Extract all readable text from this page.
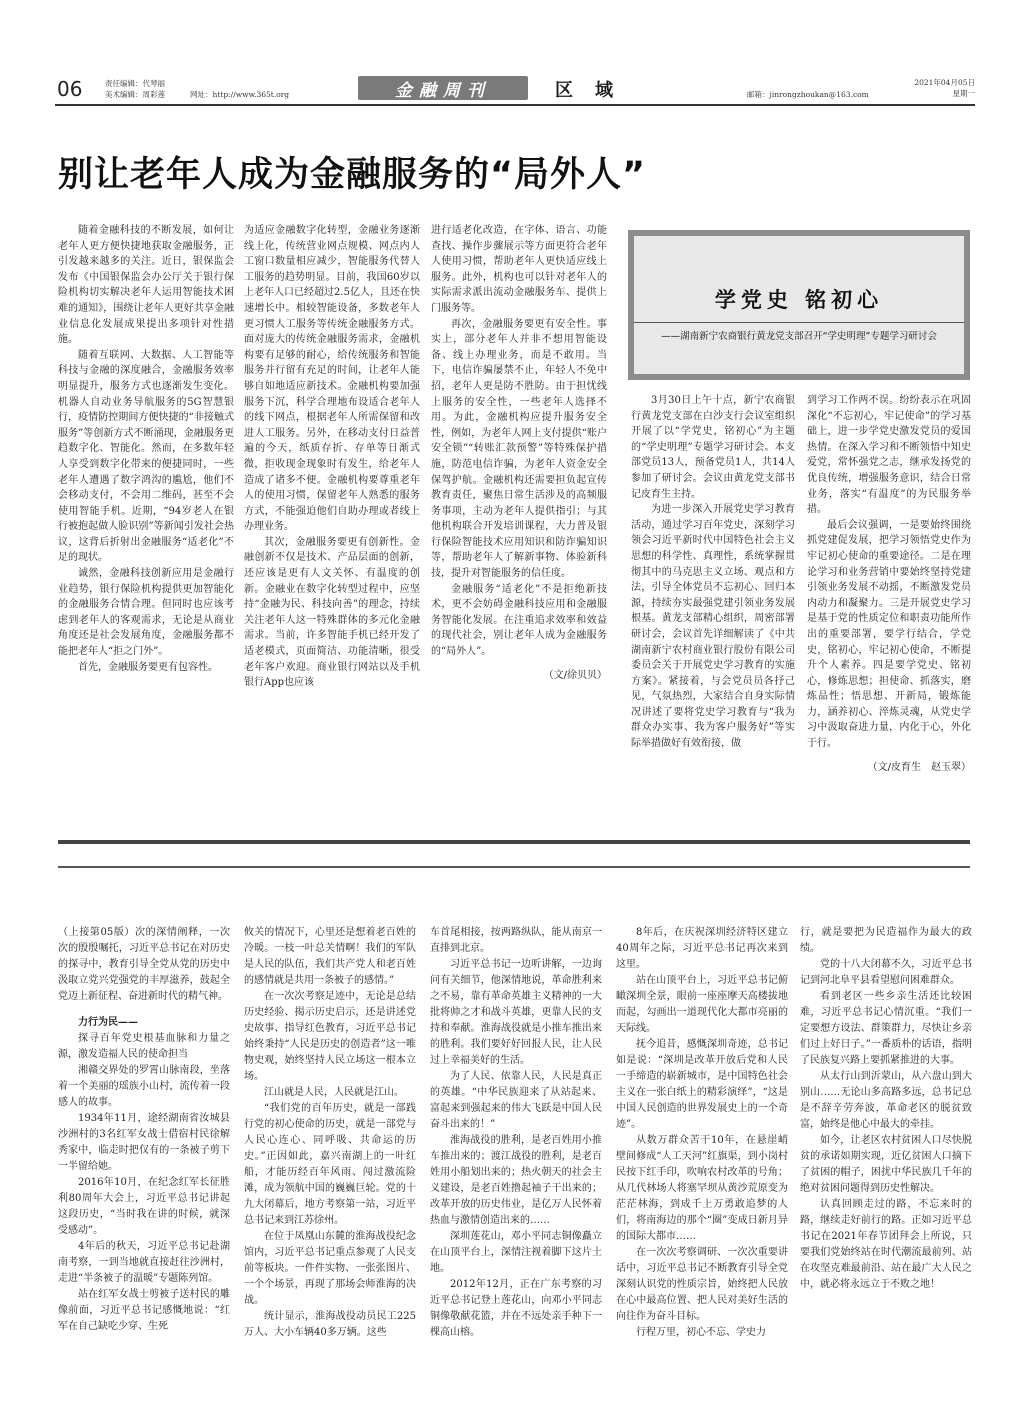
06	责任编辑：代琴丽
美术编辑：周彩莲	网址：http://www.365t.org	金融周刊	区域	邮箱：jinrongzhoukan@163.com
2021年04月05日
星期一
别让老年人成为金融服务的“局外人”

随着金融科技的不断发展，如何让老年人更方便快捷地获取金融服务，正引发越来越多的关注。近日，银保监会发布《中国银保监会办公厅关于银行保险机构切实解决老年人运用智能技术困难的通知》，围绕让老年人更好共享金融业信息化发展成果提出多项针对性措施。

随着互联网、大数据、人工智能等科技与金融的深度融合，金融服务效率明显提升，服务方式也逐渐发生变化。机器人自动业务导航服务的5G智慧银行，疫情防控期间方便快捷的“非接触式服务”等创新方式不断涌现，金融服务更趋数字化、智能化。然而，在多数年轻人享受到数字化带来的便捷同时，一些老年人遭遇了数字鸿沟的尴尬，他们不会移动支付，不会用二维码，甚至不会使用智能手机。近期，“94岁老人在银行被抱起做人脸识别”等新闻引发社会热议，这背后折射出金融服务“适老化”不足的现状。

诚然，金融科技创新应用是金融行业趋势，银行保险机构提供更加智能化的金融服务合情合理。但同时也应该考虑到老年人的客观需求，无论是从商业角度还是社会发展角度，金融服务都不能把老年人“拒之门外”。

首先，金融服务要更有包容性。

为适应金融数字化转型，金融业务逐渐线上化，传统营业网点规模、网点内人工窗口数量相应减少，智能服务代替人工服务的趋势明显。目前，我国60岁以上老年人口已经超过2.5亿人，且还在快速增长中。相较智能设备，多数老年人更习惯人工服务等传统金融服务方式。面对庞大的传统金融服务需求，金融机构要有足够的耐心，给传统服务和智能服务并行留有充足的时间，让老年人能够自如地适应新技术。金融机构要加强服务下沉，科学合理地布设适合老年人的线下网点，根据老年人所需保留和改进人工服务。另外，在移动支付日益普遍的今天，纸质存折、存单等日渐式微，拒收现金现象时有发生，给老年人造成了诸多不便。金融机构要尊重老年人的使用习惯，保留老年人熟悉的服务方式，不能强迫他们自助办理或者线上办理业务。

其次，金融服务要更有创新性。金融创新不仅是技术、产品层面的创新，还应该是更有人文关怀、有温度的创新。金融业在数字化转型过程中，应坚持“金融为民、科技向善”的理念，持续关注老年人这一特殊群体的多元化金融需求。当前，许多智能手机已经开发了适老模式，页面简洁、功能清晰，很受老年客户欢迎。商业银行网站以及手机银行App也应该

进行适老化改造，在字体、语言、功能查找、操作步骤展示等方面更符合老年人使用习惯，帮助老年人更快适应线上服务。此外，机构也可以针对老年人的实际需求派出流动金融服务车、提供上门服务等。

再次，金融服务要更有安全性。事实上，部分老年人并非不想用智能设备、线上办理业务，而是不敢用。当下，电信诈骗屡禁不止，年轻人不免中招，老年人更是防不胜防。由于担忧线上服务的安全性，一些老年人选择不用。为此，金融机构应提升服务安全性，例如，为老年人网上支付提供“账户安全锁”“转账汇款预警”等特殊保护措施，防范电信诈骗，为老年人资金安全保驾护航。金融机构还需要担负起宣传教育责任，聚焦日常生活涉及的高频服务事项，主动为老年人提供指引；与其他机构联合开发培训课程，大力普及银行保险智能技术应用知识和防诈骗知识等，帮助老年人了解新事物、体验新科技，提升对智能服务的信任度。

金融服务“适老化”不是拒绝新技术，更不会妨碍金融科技应用和金融服务智能化发展。在注重追求效率和效益的现代社会，别让老年人成为金融服务的“局外人”。

（文/徐贝贝）

学党史 铭初心
——湖南新宁农商银行黄龙党支部召开“学史明理”专题学习研讨会

3月30日上午十点，新宁农商银行黄龙党支部在白沙支行会议室组织开展了以“学党史，铭初心”为主题的“学史明理”专题学习研讨会。本支部党员13人，预备党员1人，共14人参加了研讨会。会议由黄龙党支部书记皮育生主持。

为进一步深入开展党史学习教育活动，通过学习百年党史，深刻学习领会习近平新时代中国特色社会主义思想的科学性、真理性，系统掌握贯彻其中的马克思主义立场、观点和方法，引导全体党员不忘初心、回归本源，持续夯实最强党建引领业务发展根基。黄龙支部精心组织，周密部署研讨会，会议首先详细解读了《中共湖南新宁农村商业银行股份有限公司委员会关于开展党史学习教育的实施方案》。紧接着，与会党员员各抒己见，气氛热烈，大家结合自身实际情况讲述了要将党史学习教育与“我为群众办实事、我为客户服务好”等实际举措做好有效衔接，做

到学习工作两不误。纷纷表示在巩固深化“不忘初心，牢记使命”的学习基础上，进一步学党史激发党员的爱国热情。在深入学习和不断领悟中知史爱党，常怀强党之志，继承发扬党的优良传统，增强服务意识，结合日常业务，落实“有温度”的为民服务举措。

最后会议强调，一是要始终围绕抓党建促发展，把学习领悟党史作为牢记初心使命的重要途径。二是在理论学习和业务营销中要始终坚持党建引领业务发展不动摇，不断激发党员内动力和凝聚力。三是开展党史学习是基于党的性质定位和职责功能所作出的重要部署，要学行结合，学党史，铭初心，牢记初心使命，不断提升个人素养。四是要学党史、铭初心，修炼思想；担使命、抓落实，磨炼品性；悟思想、开新局，锻炼能力，涵养初心、淬炼灵魂，从党史学习中汲取奋进力量，内化于心，外化于行。

（文/皮育生　赵玉翠）

（上接第05版）次的深情阐释，一次次的殷殷嘱托，习近平总书记在对历史的探寻中，教育引导全党从党的历史中汲取立党兴党强党的丰厚滋养，鼓起全党迈上新征程、奋进新时代的精气神。

力行为民——

探寻百年党史根基血脉和力量之源，激发造福人民的使命担当

湘赣交界处的罗霄山脉南段，坐落着一个美丽的瑶族小山村，流传着一段感人的故事。

1934年11月，途经湖南省汝城县沙洲村的3名红军女战士借宿村民徐解秀家中，临走时把仅有的一条被子剪下一半留给她。

2016年10月，在纪念红军长征胜利80周年大会上，习近平总书记讲起这段历史，“当时我在讲的时候，就深受感动”。

4年后的秋天，习近平总书记赴湖南考察，一到当地就直接赶往沙洲村，走进“半条被子的温暖”专题陈列馆。

站在红军女战士剪被子送村民的雕像前面，习近平总书记感慨地说：“红军在自己缺吃少穿、生死

攸关的情况下，心里还是想着老百姓的冷暖。一枝一叶总关情啊！我们的军队是人民的队伍，我们共产党人和老百姓的感情就是共用一条被子的感情。”

在一次次考察足迹中，无论是总结历史经验、揭示历史启示，还是讲述党史故事、指导红色教育，习近平总书记始终秉持“人民是历史的创造者”这一唯物史观，始终坚持人民立场这一根本立场。

江山就是人民，人民就是江山。

“我们党的百年历史，就是一部践行党的初心使命的历史，就是一部党与人民心连心、同呼吸、共命运的历史。”正因如此，嘉兴南湖上的一叶红船，才能历经百年风雨、闯过激流险滩，成为领航中国的巍巍巨轮。党的十九大闭幕后，地方考察第一站，习近平总书记来到江苏徐州。

在位于凤凰山东麓的淮海战役纪念馆内，习近平总书记重点参观了人民支前等板块。一件件实物、一张张图片、一个个场景，再现了那场会师淮海的决战。

统计显示，淮海战役动员民工225万人、大小车辆40多万辆。这些

车首尾相接，按两路纵队，能从南京一直排到北京。

习近平总书记一边听讲解，一边询问有关细节，他深情地说，革命胜利来之不易，靠有革命英雄主义精神的一大批将帅之才和战斗英雄，更靠人民的支持和奉献。淮海战役就是小推车推出来的胜利。我们要好好回报人民，让人民过上幸福美好的生活。

为了人民、依靠人民，人民是真正的英雄。“中华民族迎来了从站起来、富起来到强起来的伟大飞跃是中国人民奋斗出来的！”

淮海战役的胜利，是老百姓用小推车推出来的；渡江战役的胜利，是老百姓用小船划出来的；热火朝天的社会主义建设，是老百姓撸起袖子干出来的；改革开放的历史伟业，是亿万人民怀着热血与激情创造出来的……

深圳莲花山，邓小平同志铜像矗立在山顶平台上，深情注视着脚下这片土地。

2012年12月，正在广东考察的习近平总书记登上莲花山，向邓小平同志铜像敬献花篮，并在不远处亲手种下一棵高山榕。

8年后，在庆祝深圳经济特区建立40周年之际，习近平总书记再次来到这里。

站在山顶平台上，习近平总书记俯瞰深圳全景，眼前一座座摩天高楼拔地而起，勾画出一道现代化大都市亮丽的天际线。

抚今追昔，感慨深圳奇迹，总书记如是说：“深圳是改革开放后党和人民一手缔造的崭新城市，是中国特色社会主义在一张白纸上的精彩演绎”，“这是中国人民创造的世界发展史上的一个奇迹”。

从数万群众苦干10年，在悬崖峭壁间修成“人工天河”红旗渠，到小岗村民按下红手印，吹响农村改革的号角；从几代林场人将塞罕坝从黄沙荒原变为茫茫林海，到成千上万勇敢追梦的人们，将南海边的那个“圈”变成日新月异的国际大都市……

在一次次考察调研、一次次重要讲话中，习近平总书记不断教育引导全党深刻认识党的性质宗旨，始终把人民放在心中最高位置、把人民对美好生活的向往作为奋斗目标。

行程万里，初心不忘、学史力

行，就是要把为民造福作为最大的政绩。

党的十八大闭幕不久，习近平总书记到河北阜平县看望慰问困难群众。

看到老区一些乡亲生活还比较困难，习近平总书记心情沉重。“我们一定要想方设法、群策群力，尽快让乡亲们过上好日子。”一番质朴的话语，指明了民族复兴路上要抓紧推进的大事。

从太行山到沂蒙山，从六盘山到大别山……无论山多高路多远，总书记总是不辞辛劳奔波，革命老区的脱贫致富，始终是他心中最大的牵挂。

如今，让老区农村贫困人口尽快脱贫的承诺如期实现，近亿贫困人口摘下了贫困的帽子，困扰中华民族几千年的绝对贫困问题得到历史性解决。

认真回顾走过的路，不忘来时的路，继续走好前行的路。正如习近平总书记在2021年春节团拜会上所说，只要我们党始终站在时代潮流最前列、站在攻坚克难最前沿、站在最广大人民之中，就必将永远立于不败之地！
